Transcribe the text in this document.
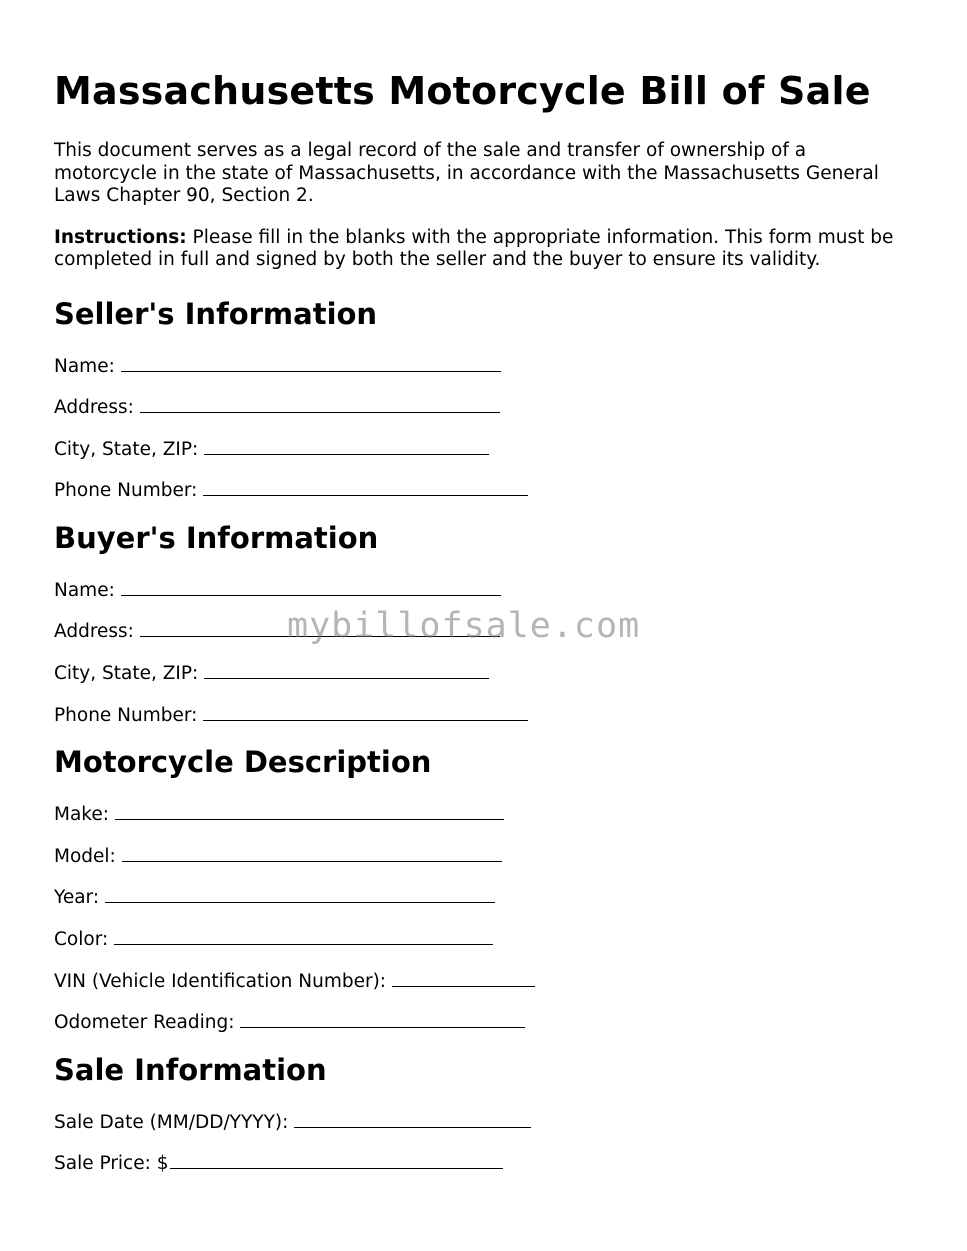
Massachusetts Motorcycle Bill of Sale

This document serves as a legal record of the sale and transfer of ownership of a motorcycle in the state of Massachusetts, in accordance with the Massachusetts General Laws Chapter 90, Section 2.

Instructions: Please fill in the blanks with the appropriate information. This form must be completed in full and signed by both the seller and the buyer to ensure its validity.

Seller's Information
Name:
Address:
City, State, ZIP:
Phone Number:
Buyer's Information
Name:
Address:
City, State, ZIP:
Phone Number:
Motorcycle Description
Make:
Model:
Year:
Color:
VIN (Vehicle Identification Number):
Odometer Reading:
Sale Information
Sale Date (MM/DD/YYYY):
Sale Price: $
mybillofsale.com
